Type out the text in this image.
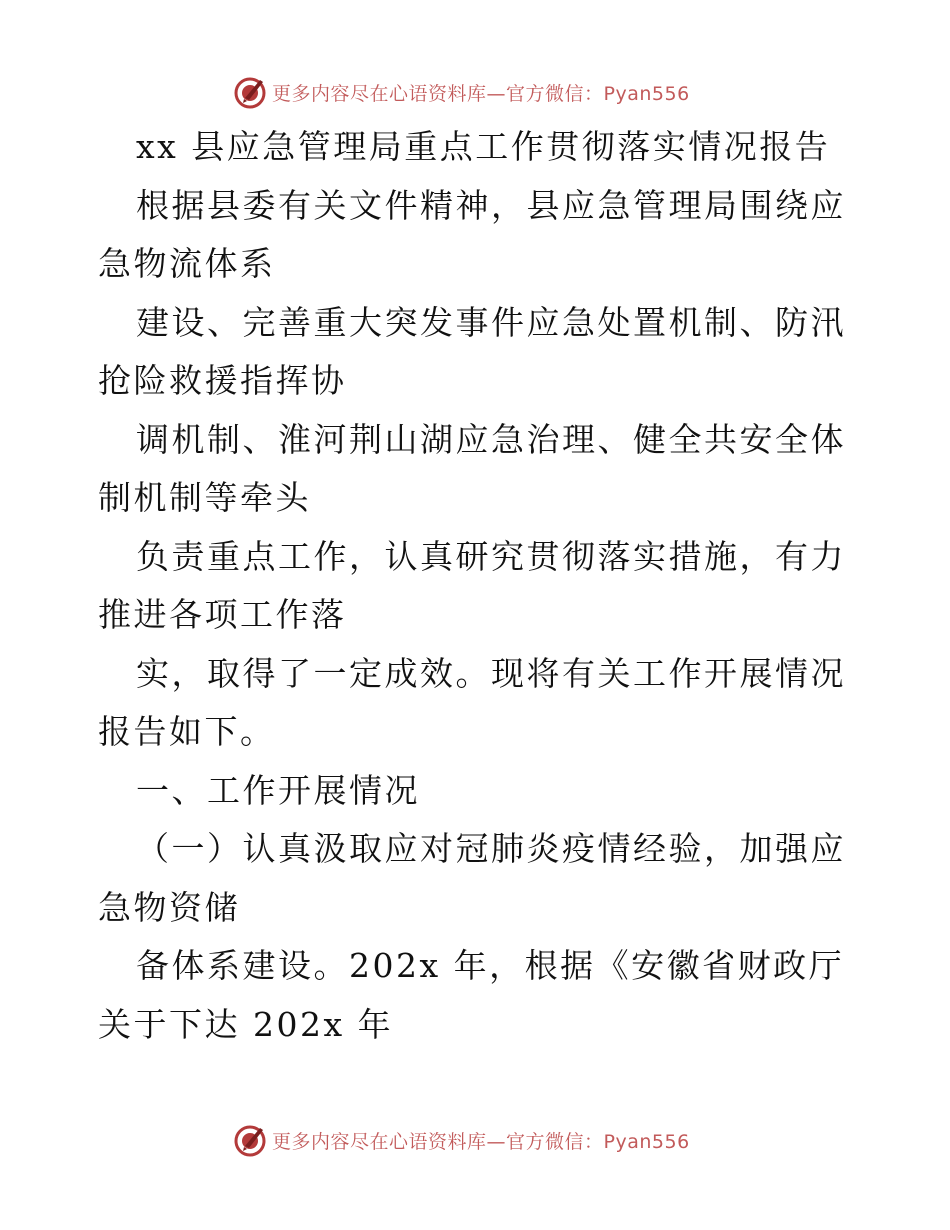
更多内容尽在心语资料库—官方微信：Pyan556

xx 县应急管理局重点工作贯彻落实情况报告

根据县委有关文件精神，县应急管理局围绕应急物流体系

建设、完善重大突发事件应急处置机制、防汛抢险救援指挥协

调机制、淮河荆山湖应急治理、健全共安全体制机制等牵头

负责重点工作，认真研究贯彻落实措施，有力推进各项工作落

实，取得了一定成效。现将有关工作开展情况报告如下。

一、工作开展情况

（一）认真汲取应对冠肺炎疫情经验，加强应急物资储

备体系建设。202x 年，根据《安徽省财政厅关于下达 202x 年

更多内容尽在心语资料库—官方微信：Pyan556
